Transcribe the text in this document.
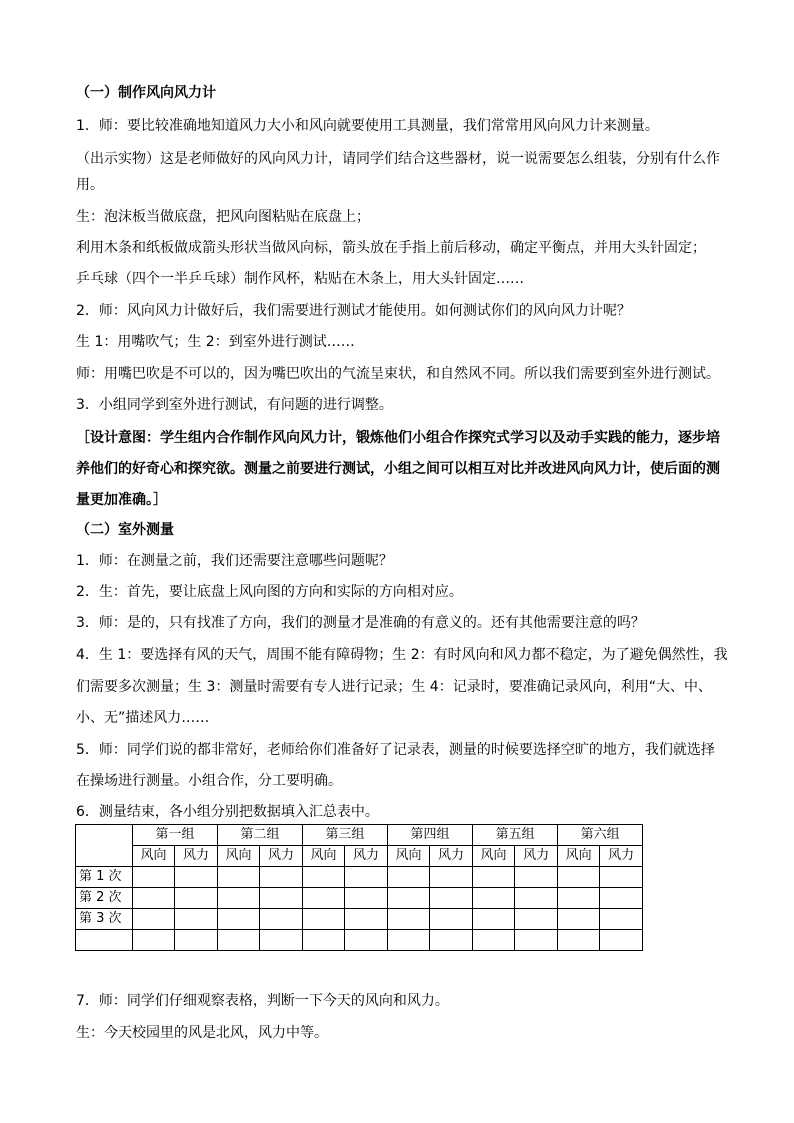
（一）制作风向风力计
1．师：要比较准确地知道风力大小和风向就要使用工具测量，我们常常用风向风力计来测量。
（出示实物）这是老师做好的风向风力计，请同学们结合这些器材，说一说需要怎么组装，分别有什么作
用。
生：泡沫板当做底盘，把风向图粘贴在底盘上；
利用木条和纸板做成箭头形状当做风向标，箭头放在手指上前后移动，确定平衡点，并用大头针固定；
乒乓球（四个一半乒乓球）制作风杯，粘贴在木条上，用大头针固定……
2．师：风向风力计做好后，我们需要进行测试才能使用。如何测试你们的风向风力计呢？
生 1：用嘴吹气；生 2：到室外进行测试……
师：用嘴巴吹是不可以的，因为嘴巴吹出的气流呈束状，和自然风不同。所以我们需要到室外进行测试。
3．小组同学到室外进行测试，有问题的进行调整。
［设计意图：学生组内合作制作风向风力计，锻炼他们小组合作探究式学习以及动手实践的能力，逐步培
养他们的好奇心和探究欲。测量之前要进行测试，小组之间可以相互对比并改进风向风力计，使后面的测
量更加准确。］
（二）室外测量
1．师：在测量之前，我们还需要注意哪些问题呢？
2．生：首先，要让底盘上风向图的方向和实际的方向相对应。
3．师：是的，只有找准了方向，我们的测量才是准确的有意义的。还有其他需要注意的吗？
4．生 1：要选择有风的天气，周围不能有障碍物；生 2：有时风向和风力都不稳定，为了避免偶然性，我
们需要多次测量；生 3：测量时需要有专人进行记录；生 4：记录时，要准确记录风向，利用“大、中、
小、无”描述风力……
5．师：同学们说的都非常好，老师给你们准备好了记录表，测量的时候要选择空旷的地方，我们就选择
在操场进行测量。小组合作，分工要明确。
6．测量结束，各小组分别把数据填入汇总表中。
	第一组		第二组		第三组		第四组		第五组		第六组	
	风向	风力	风向	风力	风向	风力	风向	风力	风向	风力	风向	风力
第 1 次												
第 2 次												
第 3 次												

7．师：同学们仔细观察表格，判断一下今天的风向和风力。
生：今天校园里的风是北风，风力中等。
